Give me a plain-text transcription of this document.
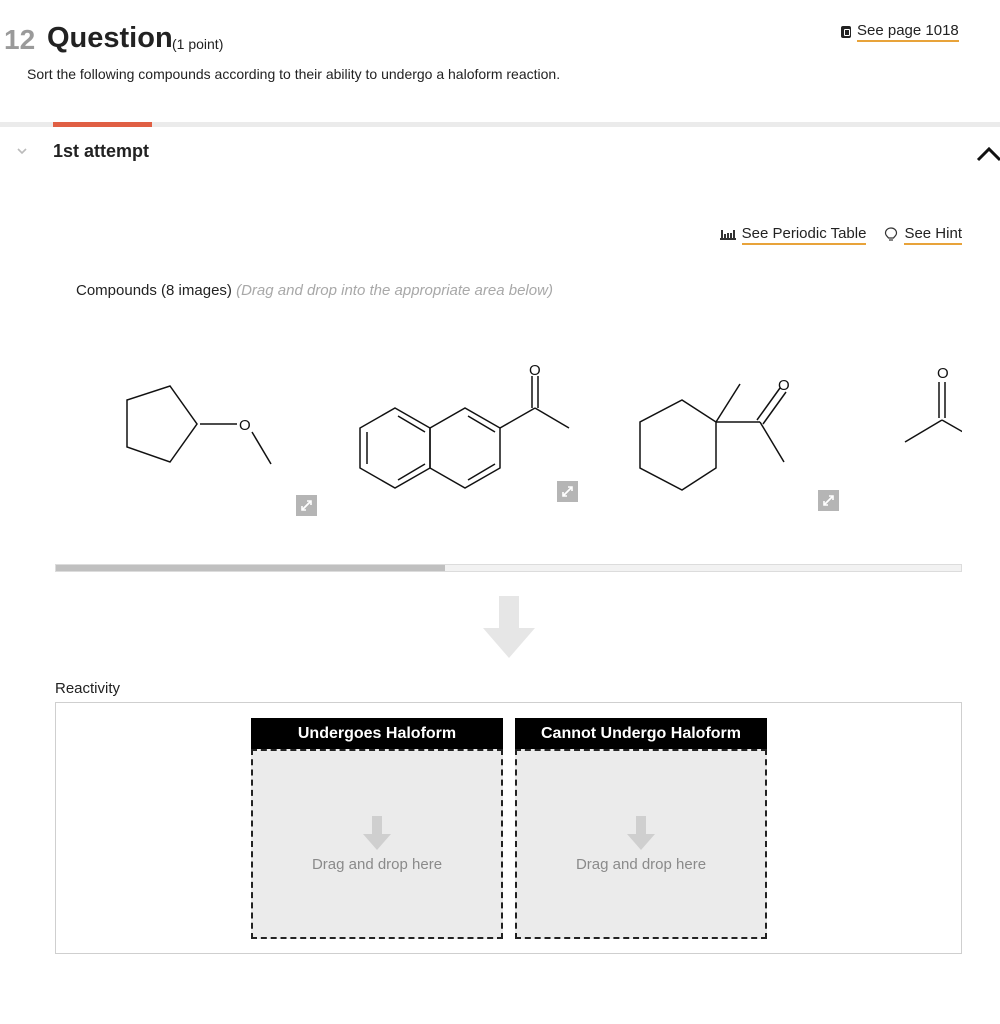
12 Question (1 point)
See page 1018
Sort the following compounds according to their ability to undergo a haloform reaction.
1st attempt
See Periodic Table	See Hint
Compounds (8 images) (Drag and drop into the appropriate area below)
O
O
O
O
Reactivity
Undergoes Haloform
Drag and drop here
Cannot Undergo Haloform
Drag and drop here
